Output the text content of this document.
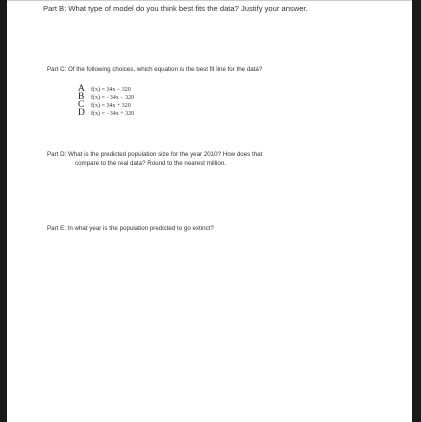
Part B: What type of model do you think best fits the data? Justify your answer.
Part C: Of the following choices, which equation is the best fit line for the data?
A	f(x) = 34x − 320
B	f(x) = −34x − 320
C	f(x) = 34x + 320
D	f(x) = −34x + 320
Part D: What is the predicted population size for the year 2010? How does that
compare to the real data? Round to the nearest million.
Part E: In what year is the population predicted to go extinct?
